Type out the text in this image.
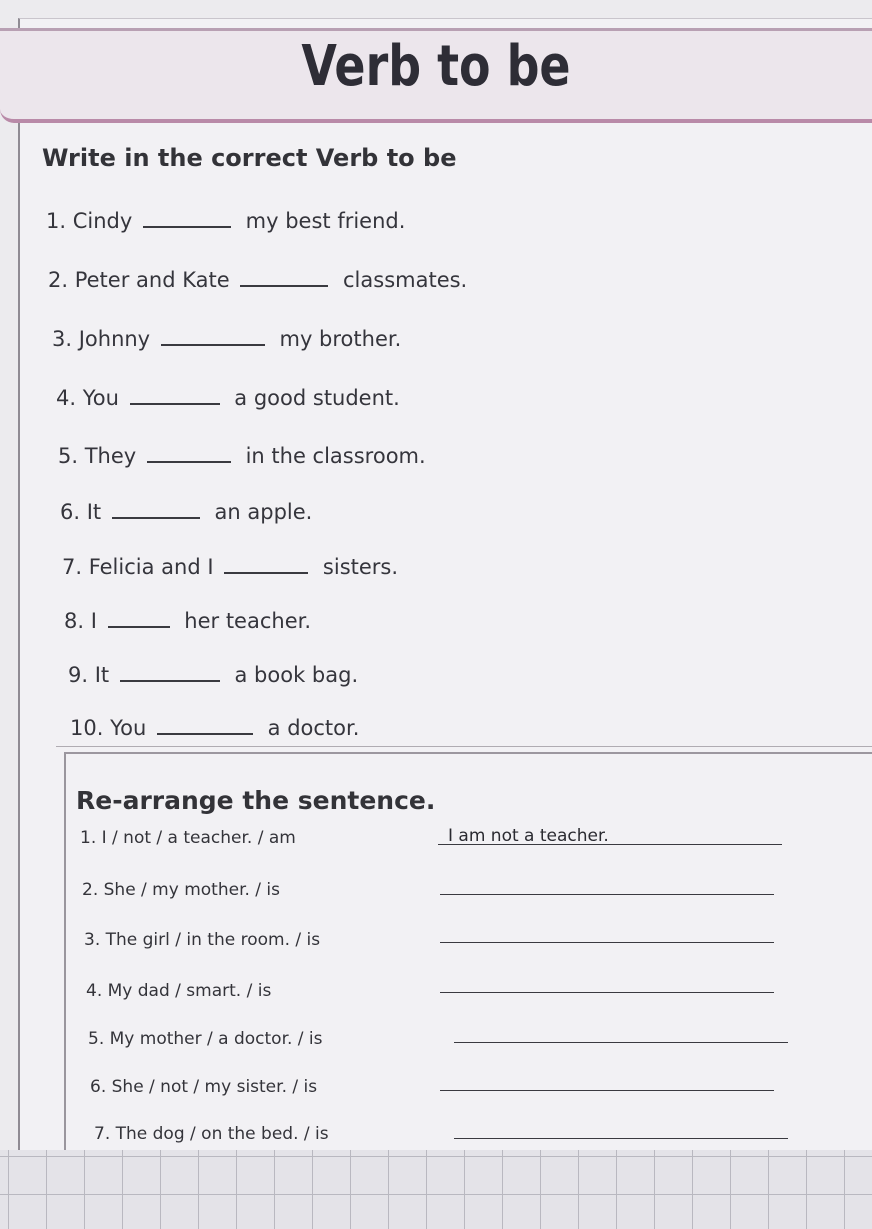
Verb to be
Write in the correct Verb to be
1. Cindy	my best friend.
2. Peter and Kate	classmates.
3. Johnny	my brother.
4. You	a good student.
5. They	in the classroom.
6. It	an apple.
7. Felicia and I	sisters.
8. I	her teacher.
9. It	a book bag.
10. You	a doctor.
Re-arrange the sentence.
1. I / not / a teacher. / am	I am not a teacher.
2. She / my mother. / is
3. The girl / in the room. / is
4. My dad / smart. / is
5. My mother / a doctor. / is
6. She / not / my sister. / is
7. The dog / on the bed. / is
